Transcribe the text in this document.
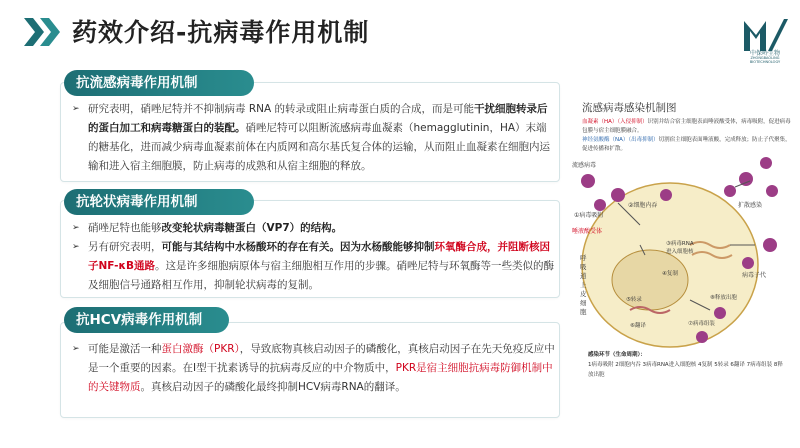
药效介绍-抗病毒作用机制
中保岭生物
ZHONGBAOLING BIOTECHNOLOGY
抗流感病毒作用机制
➢ 研究表明，硝唑尼特并不抑制病毒 RNA 的转录或阻止病毒蛋白质的合成，而是可能干扰细胞转录后的蛋白加工和病毒糖蛋白的装配。硝唑尼特可以阻断流感病毒血凝素（hemagglutinin，HA）末端的糖基化，进而减少病毒血凝素前体在内质网和高尔基氏复合体的运输，从而阻止血凝素在细胞内运输和进入宿主细胞膜，防止病毒的成熟和从宿主细胞的释放。
抗轮状病毒作用机制
➢ 硝唑尼特也能够改变轮状病毒糖蛋白（VP7）的结构。
➢ 另有研究表明，可能与其结构中水杨酸环的存在有关。因为水杨酸能够抑制环氧酶合成，并阻断核因子NF-κB通路。这是许多细胞病原体与宿主细胞相互作用的步骤。硝唑尼特与环氧酶等一些类似的酶及细胞信号通路相互作用，抑制轮状病毒的复制。
抗HCV病毒作用机制
➢ 可能是激活一种蛋白激酶（PKR），导致底物真核启动因子的磷酸化，真核启动因子在先天免疫反应中是一个重要的因素。在I型干扰素诱导的抗病毒反应的中介物质中，PKR是宿主细胞抗病毒防御机制中的关键物质。真核启动因子的磷酸化最终抑制HCV病毒RNA的翻译。
流感病毒感染机制图
血凝素（HA）（入侵抑制）识别并结合宿主细胞表面唾液酸受体，病毒吸附，促进病毒包膜与宿主细胞膜融合。
神经氨酸酶（NA）（出毒抑制）切割宿主细胞表面唾液酸，完成释放；防止子代聚集，促进传播和扩散。
流感病毒
①病毒吸附
②细胞内吞
唾液酸受体
呼
吸
道
上
皮
细
胞
③病毒RNA
进入细胞核
⑤转录
④复制
⑥翻译	⑦病毒组装
⑧释放出胞
病毒子代
扩散感染
感染环节（生命周期）：
1病毒吸附 2细胞内吞 3病毒RNA进入细胞核 4复制 5转录 6翻译 7病毒组装 8释放出胞
